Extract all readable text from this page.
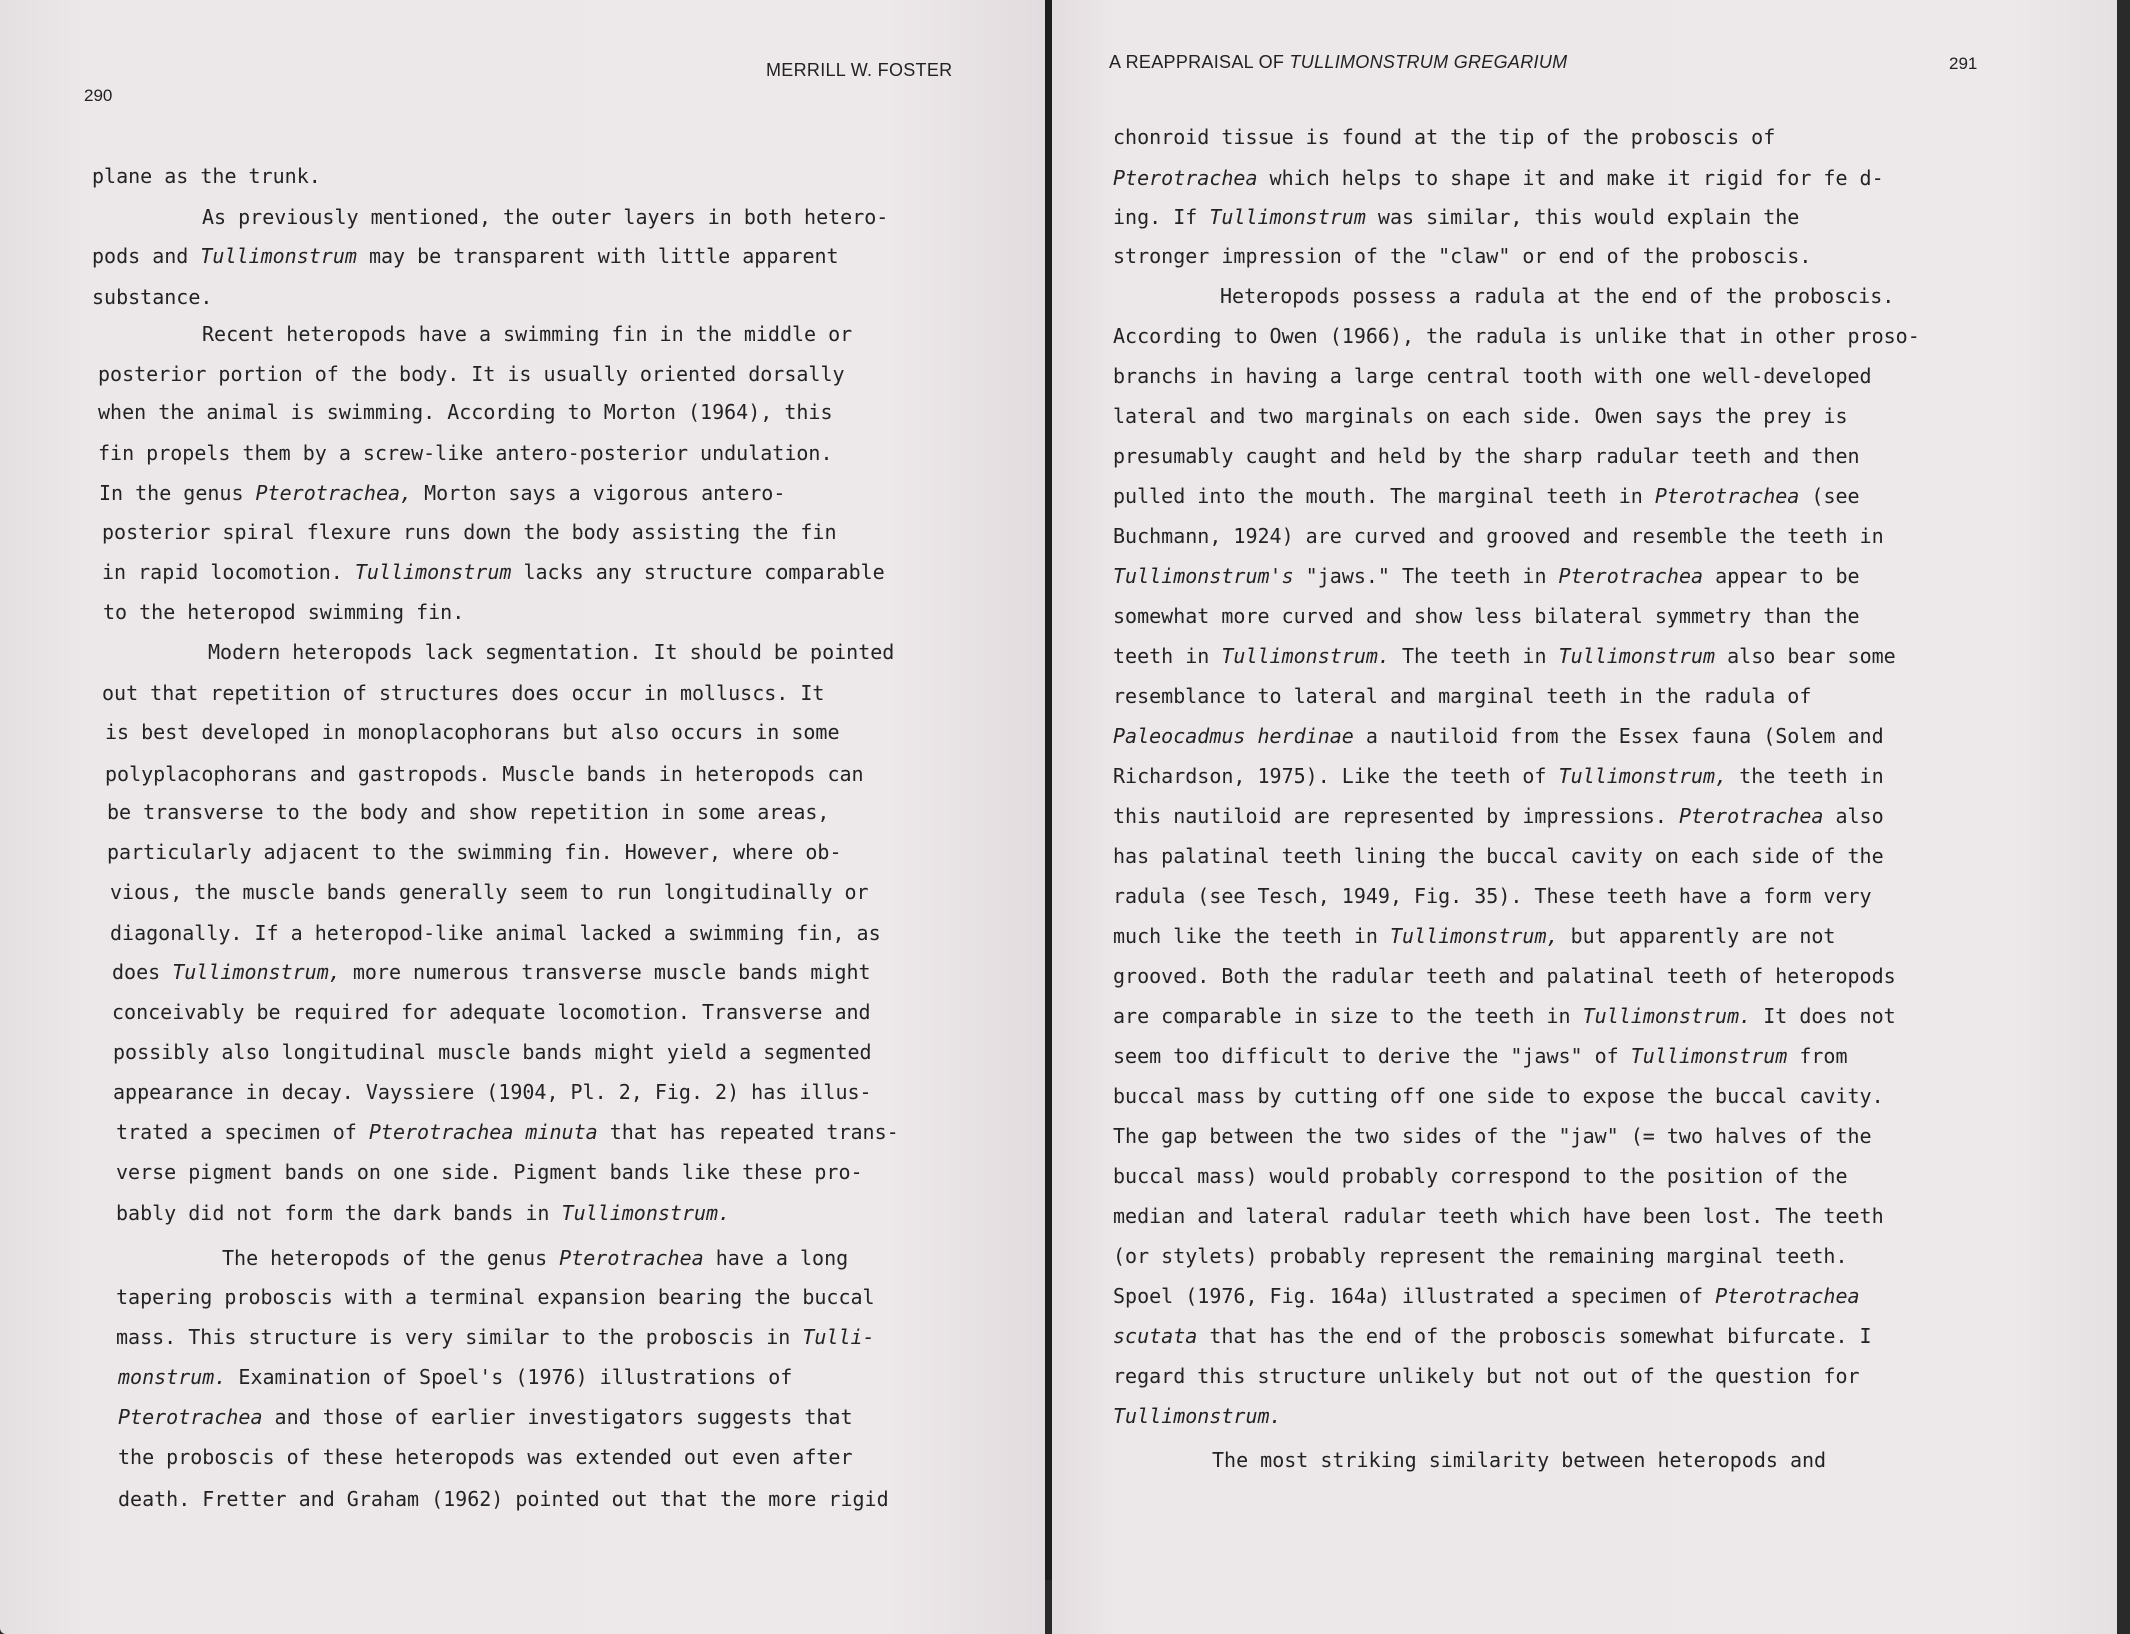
290
MERRILL W. FOSTER
plane as the trunk.
As previously mentioned, the outer layers in both hetero-
pods and Tullimonstrum may be transparent with little apparent
substance.
Recent heteropods have a swimming fin in the middle or
posterior portion of the body. It is usually oriented dorsally
when the animal is swimming. According to Morton (1964), this
fin propels them by a screw-like antero-posterior undulation.
In the genus Pterotrachea, Morton says a vigorous antero-
posterior spiral flexure runs down the body assisting the fin
in rapid locomotion. Tullimonstrum lacks any structure comparable
to the heteropod swimming fin.
Modern heteropods lack segmentation. It should be pointed
out that repetition of structures does occur in molluscs. It
is best developed in monoplacophorans but also occurs in some
polyplacophorans and gastropods. Muscle bands in heteropods can
be transverse to the body and show repetition in some areas,
particularly adjacent to the swimming fin. However, where ob-
vious, the muscle bands generally seem to run longitudinally or
diagonally. If a heteropod-like animal lacked a swimming fin, as
does Tullimonstrum, more numerous transverse muscle bands might
conceivably be required for adequate locomotion. Transverse and
possibly also longitudinal muscle bands might yield a segmented
appearance in decay. Vayssiere (1904, Pl. 2, Fig. 2) has illus-
trated a specimen of Pterotrachea minuta that has repeated trans-
verse pigment bands on one side. Pigment bands like these pro-
bably did not form the dark bands in Tullimonstrum.
The heteropods of the genus Pterotrachea have a long
tapering proboscis with a terminal expansion bearing the buccal
mass. This structure is very similar to the proboscis in Tulli-
monstrum. Examination of Spoel's (1976) illustrations of
Pterotrachea and those of earlier investigators suggests that
the proboscis of these heteropods was extended out even after
death. Fretter and Graham (1962) pointed out that the more rigid
A REAPPRAISAL OF TULLIMONSTRUM GREGARIUM	291
chonroid tissue is found at the tip of the proboscis of
Pterotrachea which helps to shape it and make it rigid for fe d-
ing. If Tullimonstrum was similar, this would explain the
stronger impression of the "claw" or end of the proboscis.
Heteropods possess a radula at the end of the proboscis.
According to Owen (1966), the radula is unlike that in other proso-
branchs in having a large central tooth with one well-developed
lateral and two marginals on each side. Owen says the prey is
presumably caught and held by the sharp radular teeth and then
pulled into the mouth. The marginal teeth in Pterotrachea (see
Buchmann, 1924) are curved and grooved and resemble the teeth in
Tullimonstrum's "jaws." The teeth in Pterotrachea appear to be
somewhat more curved and show less bilateral symmetry than the
teeth in Tullimonstrum. The teeth in Tullimonstrum also bear some
resemblance to lateral and marginal teeth in the radula of
Paleocadmus herdinae a nautiloid from the Essex fauna (Solem and
Richardson, 1975). Like the teeth of Tullimonstrum, the teeth in
this nautiloid are represented by impressions. Pterotrachea also
has palatinal teeth lining the buccal cavity on each side of the
radula (see Tesch, 1949, Fig. 35). These teeth have a form very
much like the teeth in Tullimonstrum, but apparently are not
grooved. Both the radular teeth and palatinal teeth of heteropods
are comparable in size to the teeth in Tullimonstrum. It does not
seem too difficult to derive the "jaws" of Tullimonstrum from
buccal mass by cutting off one side to expose the buccal cavity.
The gap between the two sides of the "jaw" (= two halves of the
buccal mass) would probably correspond to the position of the
median and lateral radular teeth which have been lost. The teeth
(or stylets) probably represent the remaining marginal teeth.
Spoel (1976, Fig. 164a) illustrated a specimen of Pterotrachea
scutata that has the end of the proboscis somewhat bifurcate. I
regard this structure unlikely but not out of the question for
Tullimonstrum.
The most striking similarity between heteropods and
